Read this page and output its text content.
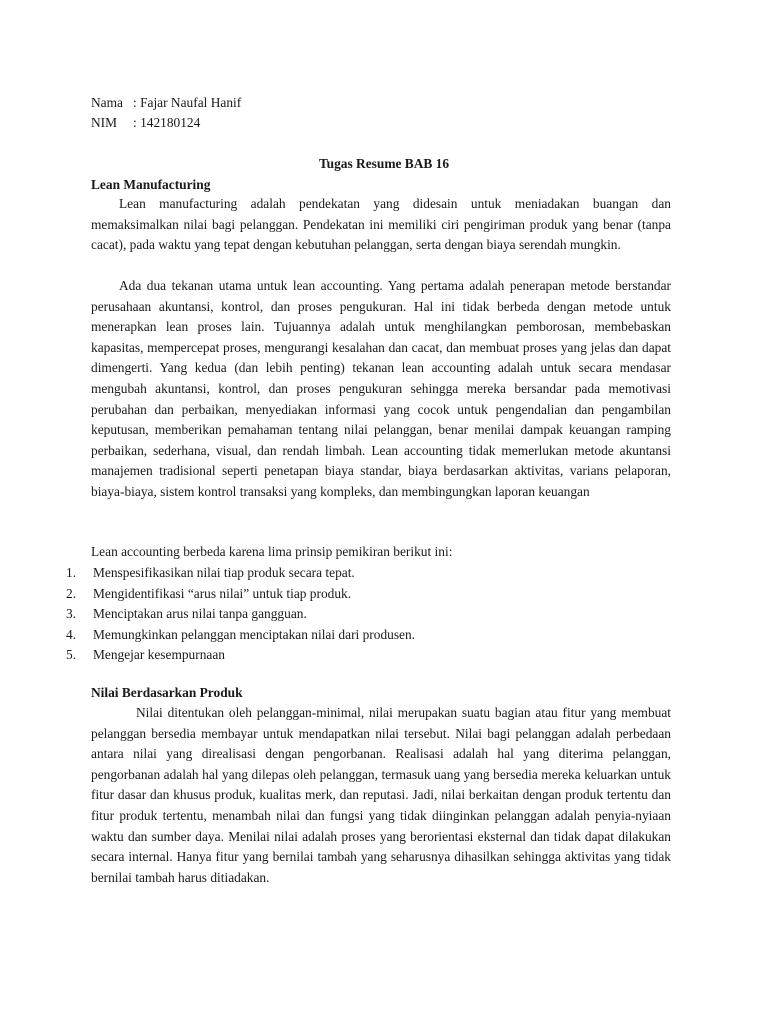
Nama : Fajar Naufal Hanif
NIM : 142180124
Tugas Resume BAB 16
Lean Manufacturing

Lean manufacturing adalah pendekatan yang didesain untuk meniadakan buangan dan memaksimalkan nilai bagi pelanggan. Pendekatan ini memiliki ciri pengiriman produk yang benar (tanpa cacat), pada waktu yang tepat dengan kebutuhan pelanggan, serta dengan biaya serendah mungkin.

Ada dua tekanan utama untuk lean accounting. Yang pertama adalah penerapan metode berstandar perusahaan akuntansi, kontrol, dan proses pengukuran. Hal ini tidak berbeda dengan metode untuk menerapkan lean proses lain. Tujuannya adalah untuk menghilangkan pemborosan, membebaskan kapasitas, mempercepat proses, mengurangi kesalahan dan cacat, dan membuat proses yang jelas dan dapat dimengerti. Yang kedua (dan lebih penting) tekanan lean accounting adalah untuk secara mendasar mengubah akuntansi, kontrol, dan proses pengukuran sehingga mereka bersandar pada memotivasi perubahan dan perbaikan, menyediakan informasi yang cocok untuk pengendalian dan pengambilan keputusan, memberikan pemahaman tentang nilai pelanggan, benar menilai dampak keuangan ramping perbaikan, sederhana, visual, dan rendah limbah. Lean accounting tidak memerlukan metode akuntansi manajemen tradisional seperti penetapan biaya standar, biaya berdasarkan aktivitas, varians pelaporan, biaya-biaya, sistem kontrol transaksi yang kompleks, dan membingungkan laporan keuangan

Lean accounting berbeda karena lima prinsip pemikiran berikut ini:
1.	Menspesifikasikan nilai tiap produk secara tepat.
2.	Mengidentifikasi “arus nilai” untuk tiap produk.
3.	Menciptakan arus nilai tanpa gangguan.
4.	Memungkinkan pelanggan menciptakan nilai dari produsen.
5.	Mengejar kesempurnaan
Nilai Berdasarkan Produk

Nilai ditentukan oleh pelanggan-minimal, nilai merupakan suatu bagian atau fitur yang membuat pelanggan bersedia membayar untuk mendapatkan nilai tersebut. Nilai bagi pelanggan adalah perbedaan antara nilai yang direalisasi dengan pengorbanan. Realisasi adalah hal yang diterima pelanggan, pengorbanan adalah hal yang dilepas oleh pelanggan, termasuk uang yang bersedia mereka keluarkan untuk fitur dasar dan khusus produk, kualitas merk, dan reputasi. Jadi, nilai berkaitan dengan produk tertentu dan fitur produk tertentu, menambah nilai dan fungsi yang tidak diinginkan pelanggan adalah penyia-nyiaan waktu dan sumber daya. Menilai nilai adalah proses yang berorientasi eksternal dan tidak dapat dilakukan secara internal. Hanya fitur yang bernilai tambah yang seharusnya dihasilkan sehingga aktivitas yang tidak bernilai tambah harus ditiadakan.
